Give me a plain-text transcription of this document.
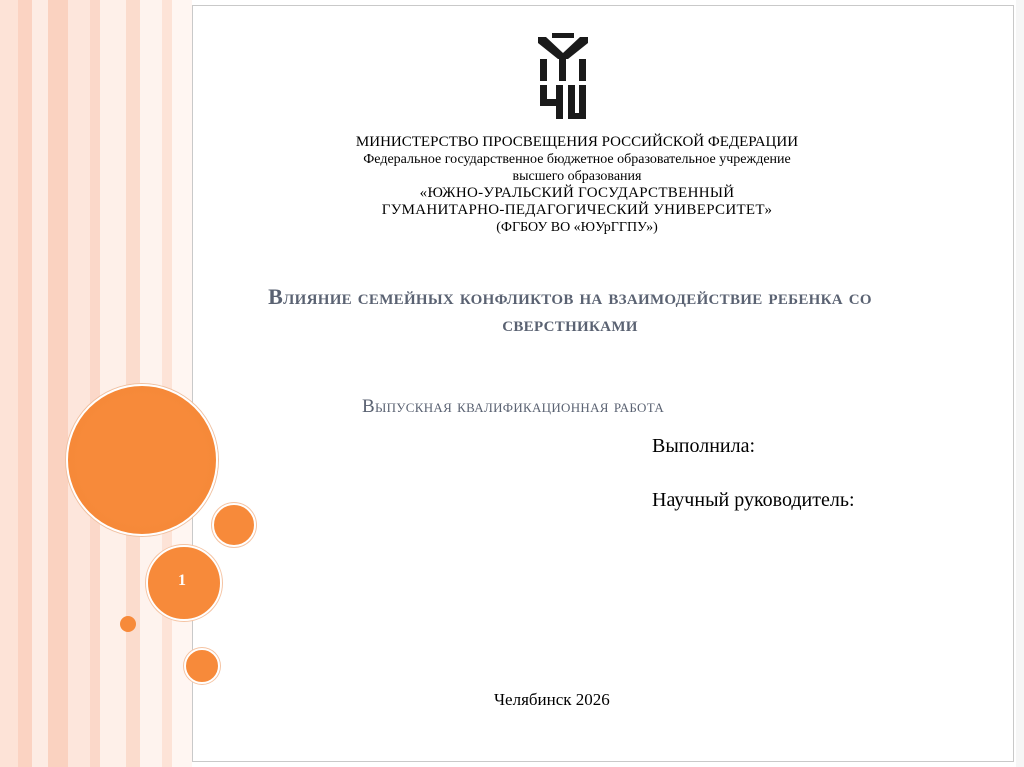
1
МИНИСТЕРСТВО ПРОСВЕЩЕНИЯ РОССИЙСКОЙ ФЕДЕРАЦИИ
Федеральное государственное бюджетное образовательное учреждение
высшего образования
«ЮЖНО-УРАЛЬСКИЙ ГОСУДАРСТВЕННЫЙ
ГУМАНИТАРНО-ПЕДАГОГИЧЕСКИЙ УНИВЕРСИТЕТ»
(ФГБОУ ВО «ЮУрГГПУ»)
Влияние семейных конфликтов на взаимодействие ребенка со
сверстниками
Выпускная квалификационная работа
Выполнила:
Научный руководитель:
Челябинск 2026
